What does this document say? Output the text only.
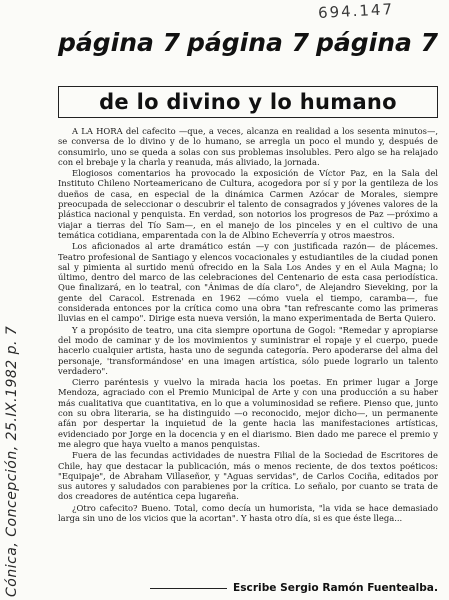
694.147
Cónica, Concepción, 25.IX.1982 p. 7
página 7 página 7 página 7
de lo divino y lo humano

A LA HORA del cafecito —que, a veces, alcanza en realidad a los sesenta minutos—, se conversa de lo divino y de lo humano, se arregla un poco el mundo y, después de consumirlo, uno se queda a solas con sus problemas insolubles. Pero algo se ha relajado con el brebaje y la charla y reanuda, más aliviado, la jornada.

Elogiosos comentarios ha provocado la exposición de Víctor Paz, en la Sala del Instituto Chileno Norteamericano de Cultura, acogedora por sí y por la gentileza de los dueños de casa, en especial de la dinámica Carmen Azócar de Morales, siempre preocupada de seleccionar o descubrir el talento de consagrados y jóvenes valores de la plástica nacional y penquista. En verdad, son notorios los progresos de Paz —próximo a viajar a tierras del Tío Sam—, en el manejo de los pinceles y en el cultivo de una temática cotidiana, emparentada con la de Albino Echeverría y otros maestros.

Los aficionados al arte dramático están —y con justificada razón— de plácemes. Teatro profesional de Santiago y elencos vocacionales y estudiantiles de la ciudad ponen sal y pimienta al surtido menú ofrecido en la Sala Los Andes y en el Aula Magna; lo último, dentro del marco de las celebraciones del Centenario de esta casa periodística. Que finalizará, en lo teatral, con "Ánimas de día claro", de Alejandro Sieveking, por la gente del Caracol. Estrenada en 1962 —cómo vuela el tiempo, caramba—, fue considerada entonces por la crítica como una obra "tan refrescante como las primeras lluvias en el campo". Dirige esta nueva versión, la mano experimentada de Berta Quiero.

Y a propósito de teatro, una cita siempre oportuna de Gogol: "Remedar y apropiarse del modo de caminar y de los movimientos y suministrar el ropaje y el cuerpo, puede hacerlo cualquier artista, hasta uno de segunda categoría. Pero apoderarse del alma del personaje, 'transformándose' en una imagen artística, sólo puede lograrlo un talento verdadero".

Cierro paréntesis y vuelvo la mirada hacia los poetas. En primer lugar a Jorge Mendoza, agraciado con el Premio Municipal de Arte y con una producción a su haber más cualitativa que cuantitativa, en lo que a voluminosidad se refiere. Pienso que, junto con su obra literaria, se ha distinguido —o reconocido, mejor dicho—, un permanente afán por despertar la inquietud de la gente hacia las manifestaciones artísticas, evidenciado por Jorge en la docencia y en el diarismo. Bien dado me parece el premio y me alegro que haya vuelto a manos penquistas.

Fuera de las fecundas actividades de nuestra Filial de la Sociedad de Escritores de Chile, hay que destacar la publicación, más o menos reciente, de dos textos poéticos: "Equipaje", de Abraham Villaseñor, y "Aguas servidas", de Carlos Cociña, editados por sus autores y saludados con parabienes por la crítica. Lo señalo, por cuanto se trata de dos creadores de auténtica cepa lugareña.

¿Otro cafecito? Bueno. Total, como decía un humorista, "la vida se hace demasiado larga sin uno de los vicios que la acortan". Y hasta otro día, si es que éste llega...

Escribe Sergio Ramón Fuentealba.
